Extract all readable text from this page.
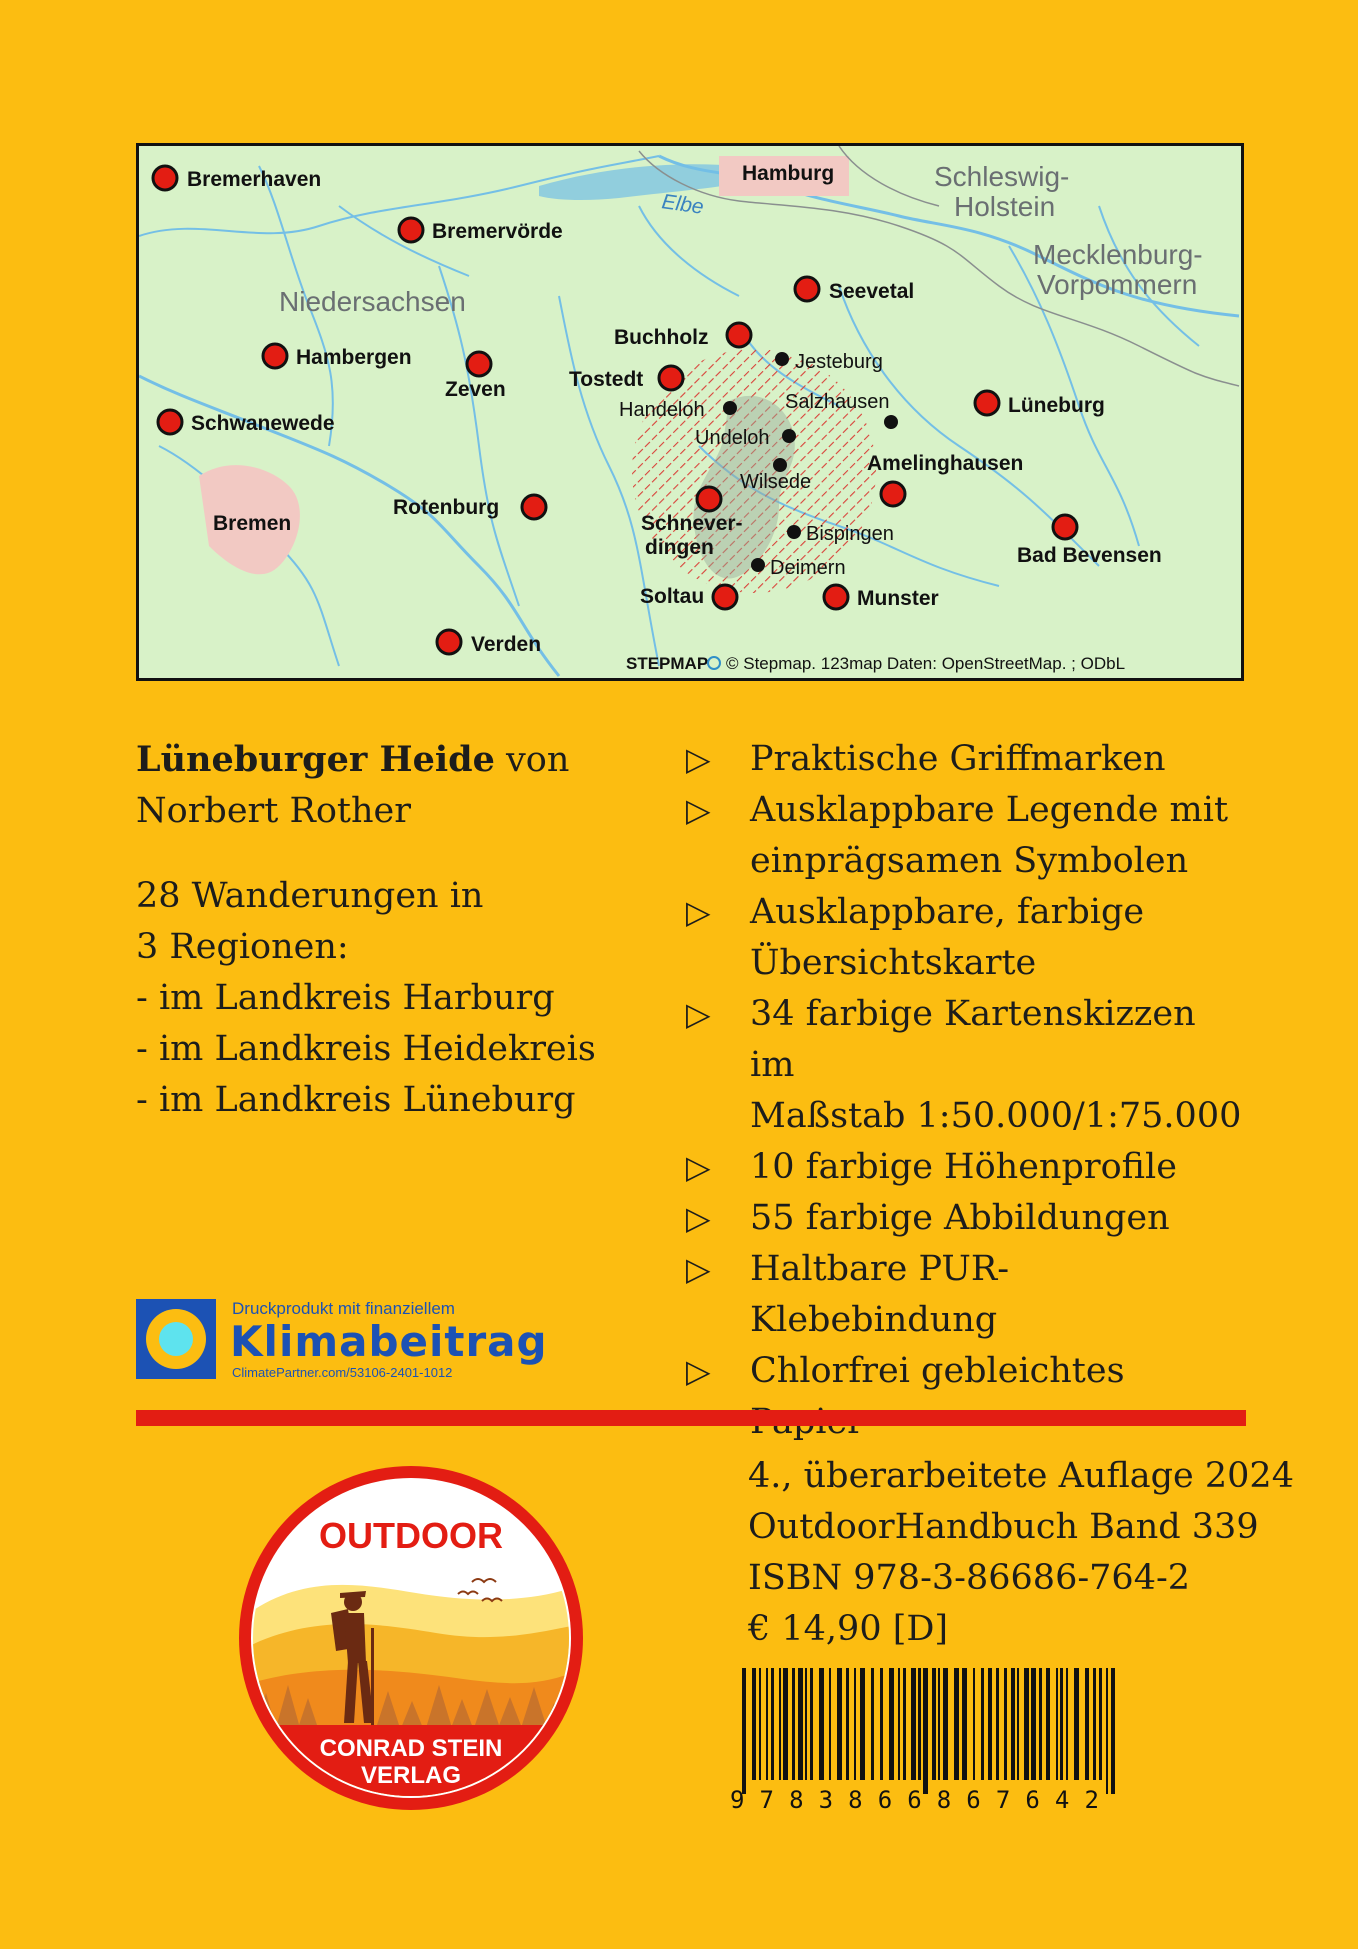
Niedersachsen
Schleswig-
Holstein
Mecklenburg-
Vorpommern
Elbe
Bremerhaven
Bremervörde
Hambergen
Zeven
Schwanewede
Bremen
Rotenburg
Verden
Hamburg
Seevetal
Buchholz
Tostedt
Lüneburg
Amelinghausen
Schnever-
dingen
Soltau	Munster
Bad Bevensen
Jesteburg
Handeloh	Salzhausen
Undeloh
Wilsede
Bispingen
Deimern
STEPMAP © Stepmap. 123map Daten: OpenStreetMap. ; ODbL

Lüneburger Heide von

Norbert Rother

28 Wanderungen in

3 Regionen:

- im Landkreis Harburg

- im Landkreis Heidekreis

- im Landkreis Lüneburg

▷	Praktische Griffmarken
▷	Ausklappbare Legende mit
einprägsamen Symbolen
▷	Ausklappbare, farbige
Übersichtskarte
▷	34 farbige Kartenskizzen im
Maßstab 1:50.000/1:75.000
▷	10 farbige Höhenprofile
▷	55 farbige Abbildungen
▷	Haltbare PUR-Klebebindung
▷	Chlorfrei gebleichtes
Druckprodukt mit finanziellem
Klimabeitrag
ClimatePartner.com/53106-2401-1012
OUTDOOR
CONRAD STEIN
VERLAG

4., überarbeitete Auflage 2024

OutdoorHandbuch Band 339

ISBN 978-3-86686-764-2

€ 14,90 [D]

9 7 8 3 8 6 6 8 6 7 6 4 2
